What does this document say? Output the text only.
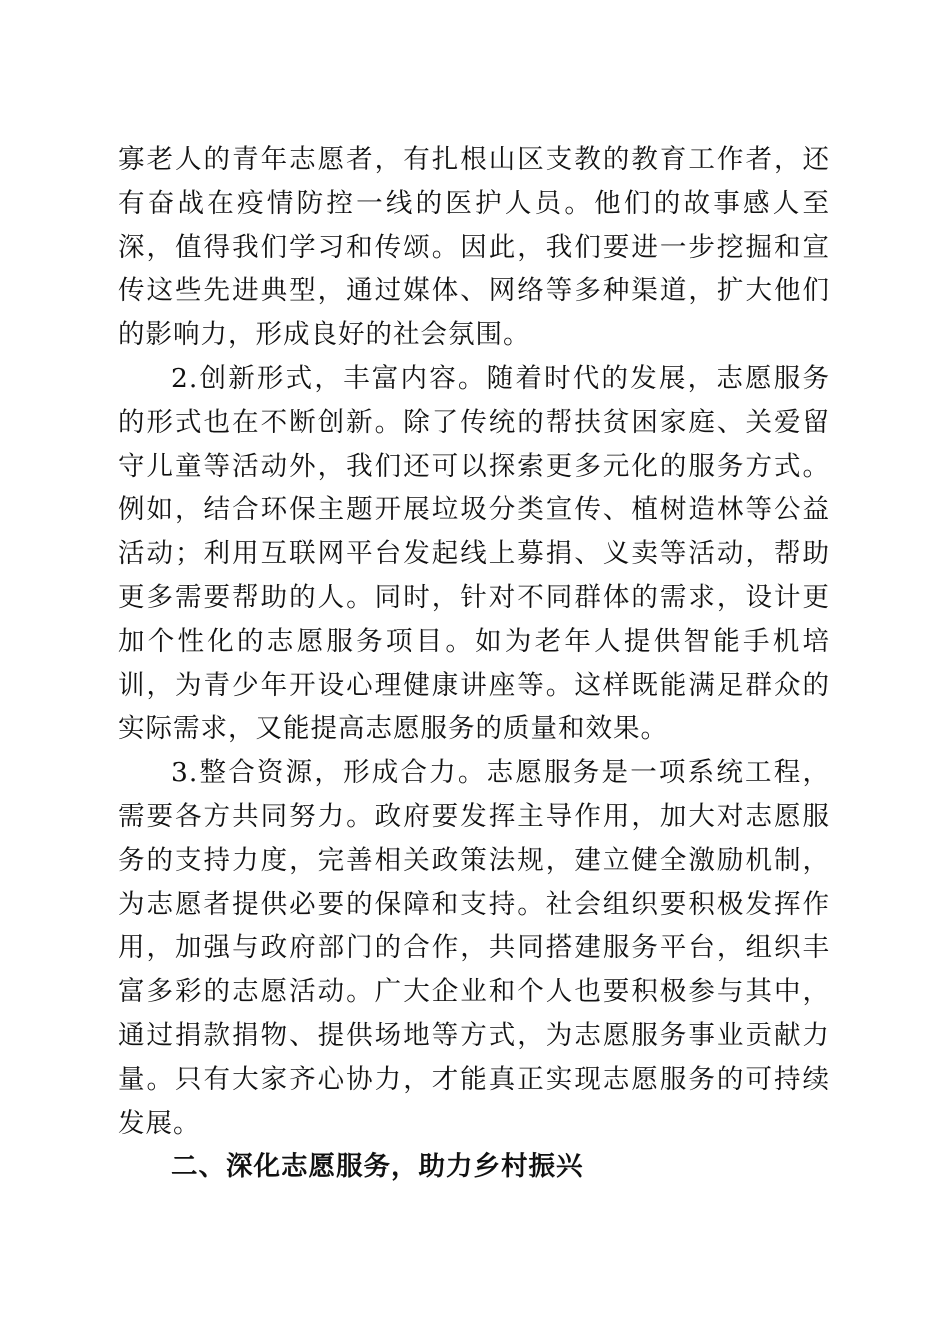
寡老人的青年志愿者，有扎根山区支教的教育工作者，还有奋战在疫情防控一线的医护人员。他们的故事感人至深，值得我们学习和传颂。因此，我们要进一步挖掘和宣传这些先进典型，通过媒体、网络等多种渠道，扩大他们的影响力，形成良好的社会氛围。

2.创新形式，丰富内容。随着时代的发展，志愿服务的形式也在不断创新。除了传统的帮扶贫困家庭、关爱留守儿童等活动外，我们还可以探索更多元化的服务方式。例如，结合环保主题开展垃圾分类宣传、植树造林等公益活动；利用互联网平台发起线上募捐、义卖等活动，帮助更多需要帮助的人。同时，针对不同群体的需求，设计更加个性化的志愿服务项目。如为老年人提供智能手机培训，为青少年开设心理健康讲座等。这样既能满足群众的实际需求，又能提高志愿服务的质量和效果。

3.整合资源，形成合力。志愿服务是一项系统工程，需要各方共同努力。政府要发挥主导作用，加大对志愿服务的支持力度，完善相关政策法规，建立健全激励机制，为志愿者提供必要的保障和支持。社会组织要积极发挥作用，加强与政府部门的合作，共同搭建服务平台，组织丰富多彩的志愿活动。广大企业和个人也要积极参与其中，通过捐款捐物、提供场地等方式，为志愿服务事业贡献力量。只有大家齐心协力，才能真正实现志愿服务的可持续发展。

二、深化志愿服务，助力乡村振兴
